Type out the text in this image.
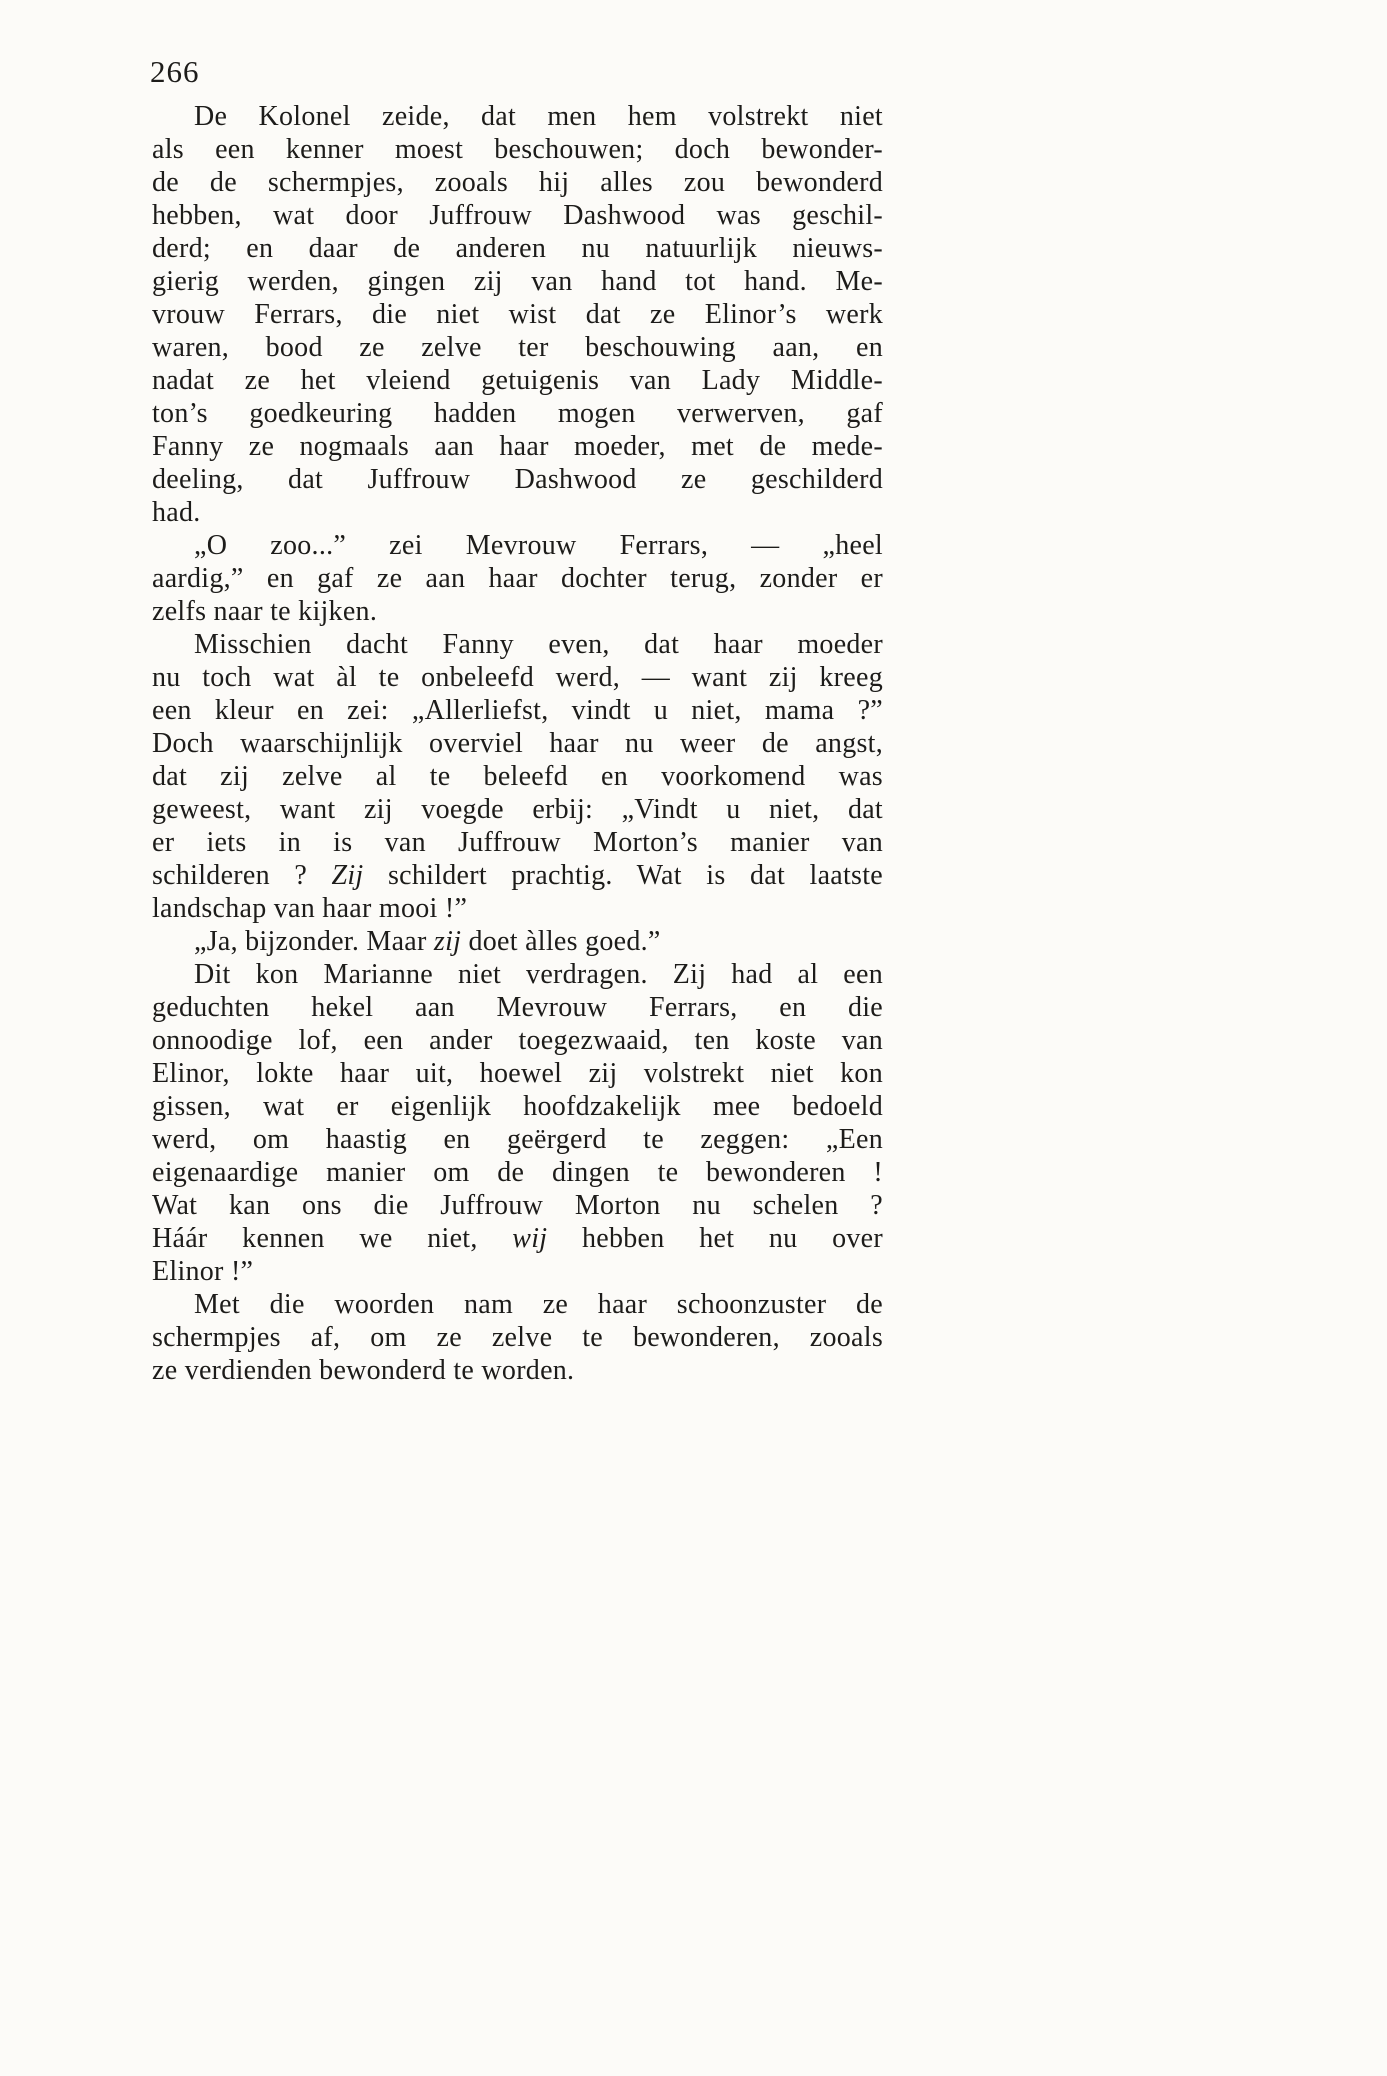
266
De Kolonel zeide, dat men hem volstrekt niet
als een kenner moest beschouwen; doch bewonder-
de de schermpjes, zooals hij alles zou bewonderd
hebben, wat door Juffrouw Dashwood was geschil-
derd; en daar de anderen nu natuurlijk nieuws-
gierig werden, gingen zij van hand tot hand. Me-
vrouw Ferrars, die niet wist dat ze Elinor’s werk
waren, bood ze zelve ter beschouwing aan, en
nadat ze het vleiend getuigenis van Lady Middle-
ton’s goedkeuring hadden mogen verwerven, gaf
Fanny ze nogmaals aan haar moeder, met de mede-
deeling, dat Juffrouw Dashwood ze geschilderd
had.
„O zoo...” zei Mevrouw Ferrars, — „heel
aardig,” en gaf ze aan haar dochter terug, zonder er
zelfs naar te kijken.
Misschien dacht Fanny even, dat haar moeder
nu toch wat àl te onbeleefd werd, — want zij kreeg
een kleur en zei: „Allerliefst, vindt u niet, mama ?”
Doch waarschijnlijk overviel haar nu weer de angst,
dat zij zelve al te beleefd en voorkomend was
geweest, want zij voegde erbij: „Vindt u niet, dat
er iets in is van Juffrouw Morton’s manier van
schilderen ? Zij schildert prachtig. Wat is dat laatste
landschap van haar mooi !”
„Ja, bijzonder. Maar zij doet àlles goed.”
Dit kon Marianne niet verdragen. Zij had al een
geduchten hekel aan Mevrouw Ferrars, en die
onnoodige lof, een ander toegezwaaid, ten koste van
Elinor, lokte haar uit, hoewel zij volstrekt niet kon
gissen, wat er eigenlijk hoofdzakelijk mee bedoeld
werd, om haastig en geërgerd te zeggen: „Een
eigenaardige manier om de dingen te bewonderen !
Wat kan ons die Juffrouw Morton nu schelen ?
Háár kennen we niet, wij hebben het nu over
Elinor !”
Met die woorden nam ze haar schoonzuster de
schermpjes af, om ze zelve te bewonderen, zooals
ze verdienden bewonderd te worden.
